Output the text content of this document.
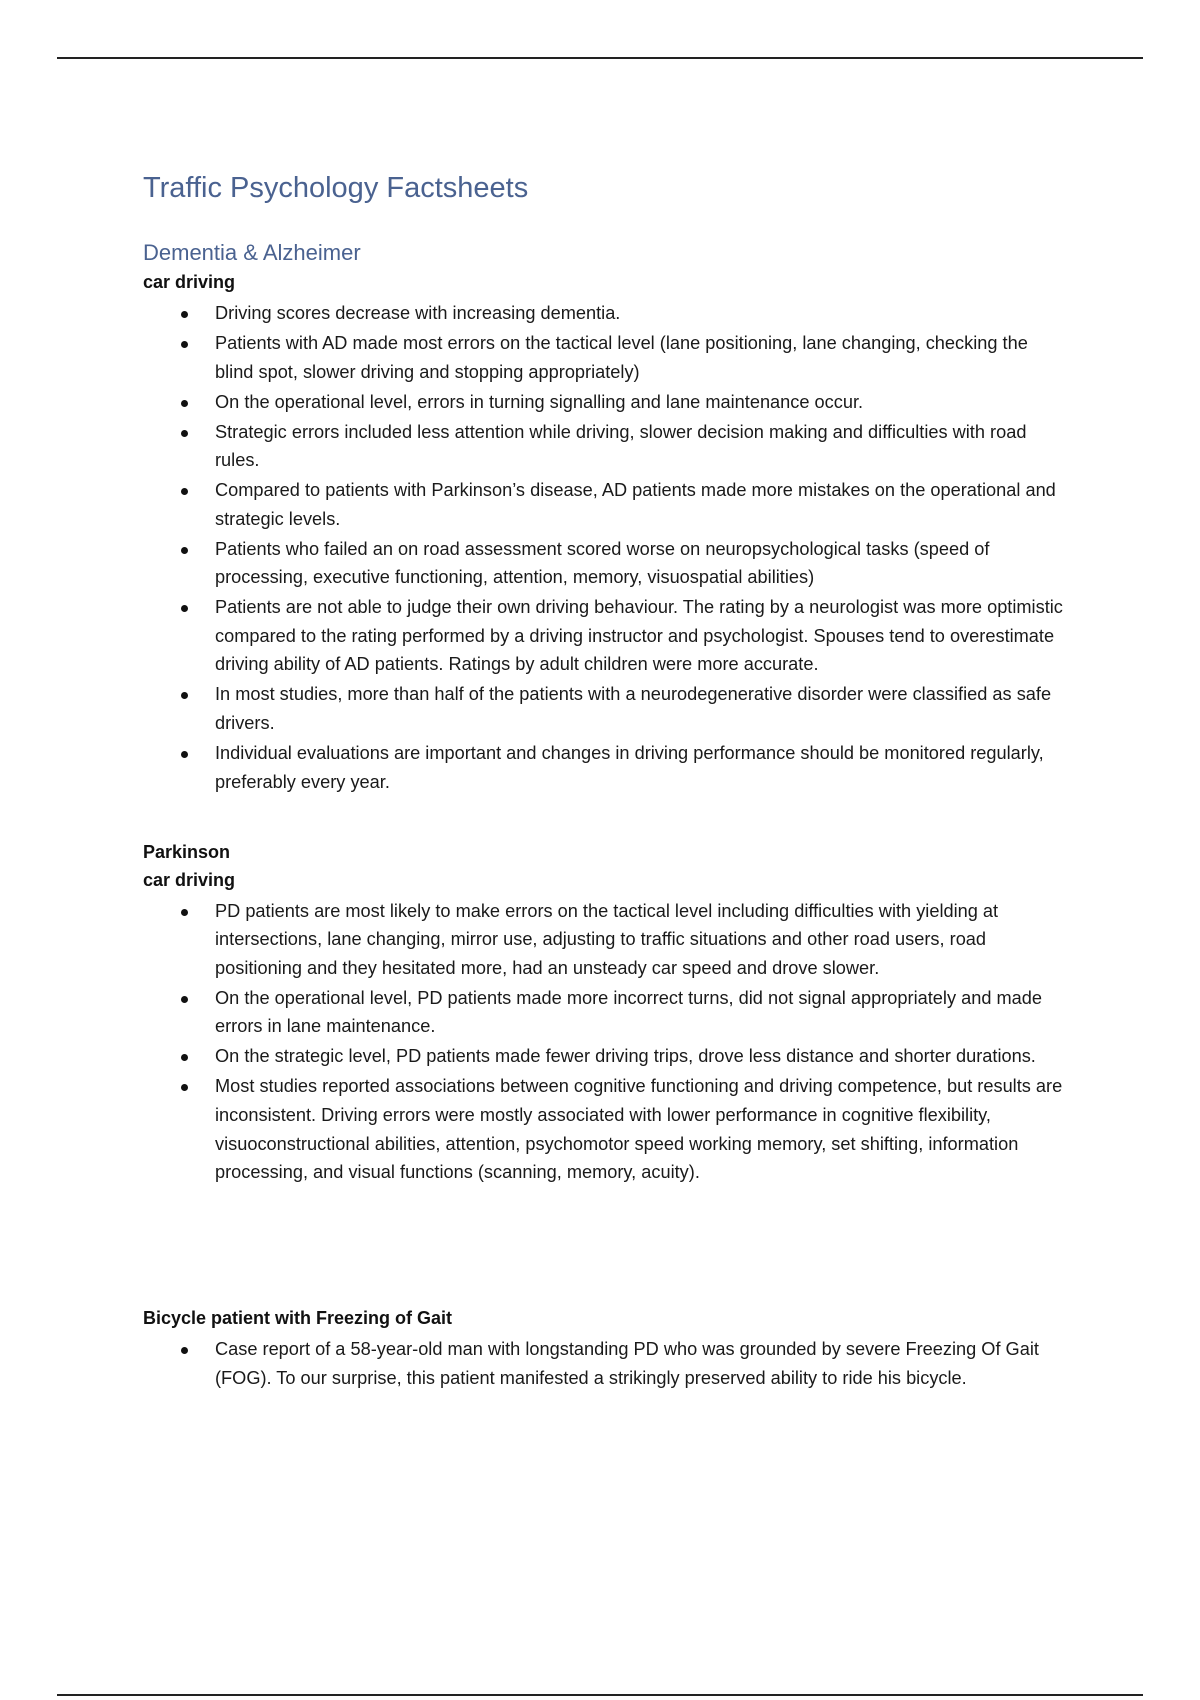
Traffic Psychology Factsheets
Dementia & Alzheimer

car driving

Driving scores decrease with increasing dementia.
Patients with AD made most errors on the tactical level (lane positioning, lane changing, checking the blind spot, slower driving and stopping appropriately)
On the operational level, errors in turning signalling and lane maintenance occur.
Strategic errors included less attention while driving, slower decision making and difficulties with road rules.
Compared to patients with Parkinson’s disease, AD patients made more mistakes on the operational and strategic levels.
Patients who failed an on road assessment scored worse on neuropsychological tasks (speed of processing, executive functioning, attention, memory, visuospatial abilities)
Patients are not able to judge their own driving behaviour. The rating by a neurologist was more optimistic compared to the rating performed by a driving instructor and psychologist. Spouses tend to overestimate driving ability of AD patients. Ratings by adult children were more accurate.
In most studies, more than half of the patients with a neurodegenerative disorder were classified as safe drivers.
Individual evaluations are important and changes in driving performance should be monitored regularly, preferably every year.

Parkinson

car driving

PD patients are most likely to make errors on the tactical level including difficulties with yielding at intersections, lane changing, mirror use, adjusting to traffic situations and other road users, road positioning and they hesitated more, had an unsteady car speed and drove slower.
On the operational level, PD patients made more incorrect turns, did not signal appropriately and made errors in lane maintenance.
On the strategic level, PD patients made fewer driving trips, drove less distance and shorter durations.
Most studies reported associations between cognitive functioning and driving competence, but results are inconsistent. Driving errors were mostly associated with lower performance in cognitive flexibility, visuoconstructional abilities, attention, psychomotor speed working memory, set shifting, information processing, and visual functions (scanning, memory, acuity).

Bicycle patient with Freezing of Gait

Case report of a 58-year-old man with longstanding PD who was grounded by severe Freezing Of Gait (FOG). To our surprise, this patient manifested a strikingly preserved ability to ride his bicycle.
